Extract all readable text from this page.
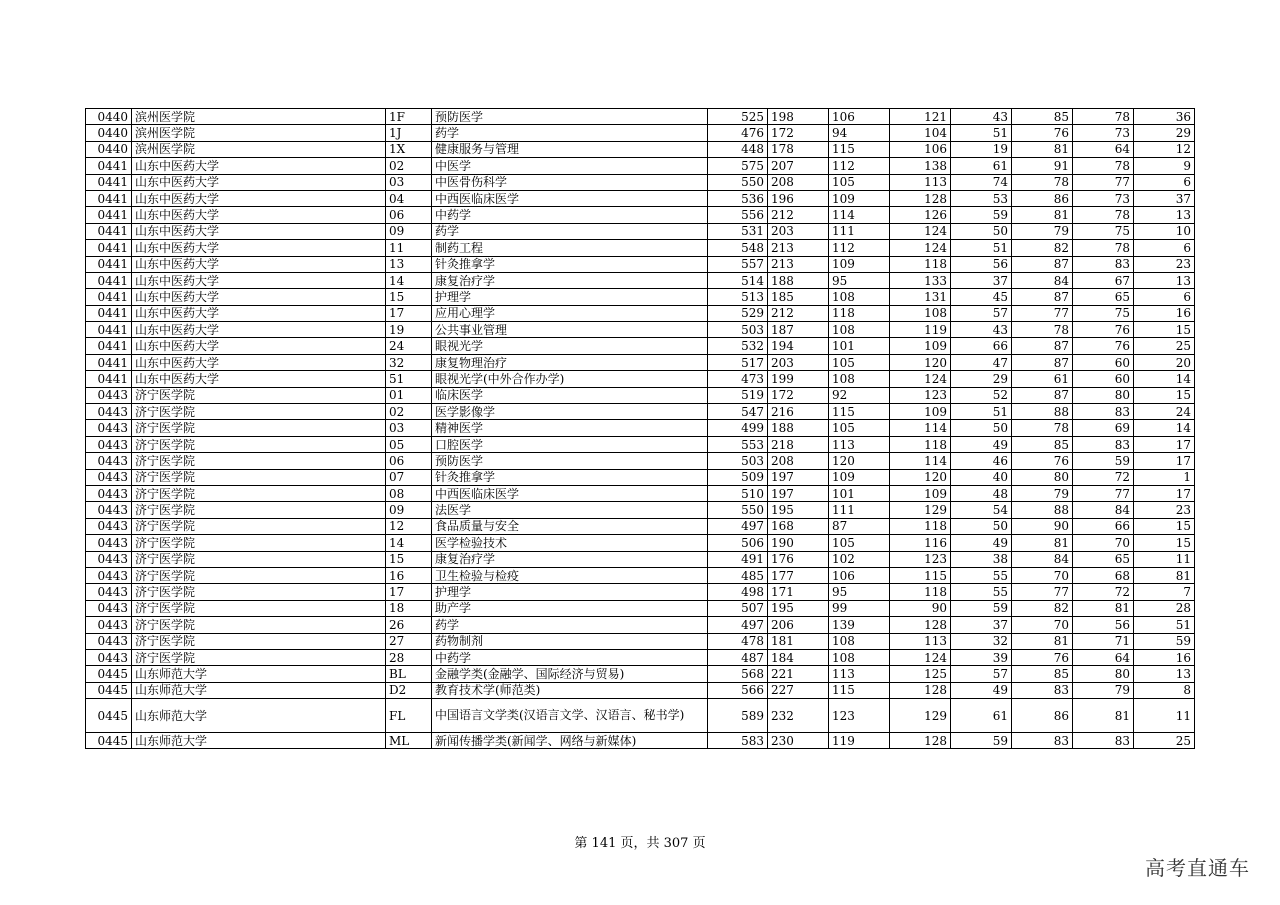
0440	滨州医学院	1F	预防医学	525	198	106	121	43	85	78	36
0440	滨州医学院	1J	药学	476	172	94	104	51	76	73	29
0440	滨州医学院	1X	健康服务与管理	448	178	115	106	19	81	64	12
0441	山东中医药大学	02	中医学	575	207	112	138	61	91	78	9
0441	山东中医药大学	03	中医骨伤科学	550	208	105	113	74	78	77	6
0441	山东中医药大学	04	中西医临床医学	536	196	109	128	53	86	73	37
0441	山东中医药大学	06	中药学	556	212	114	126	59	81	78	13
0441	山东中医药大学	09	药学	531	203	111	124	50	79	75	10
0441	山东中医药大学	11	制药工程	548	213	112	124	51	82	78	6
0441	山东中医药大学	13	针灸推拿学	557	213	109	118	56	87	83	23
0441	山东中医药大学	14	康复治疗学	514	188	95	133	37	84	67	13
0441	山东中医药大学	15	护理学	513	185	108	131	45	87	65	6
0441	山东中医药大学	17	应用心理学	529	212	118	108	57	77	75	16
0441	山东中医药大学	19	公共事业管理	503	187	108	119	43	78	76	15
0441	山东中医药大学	24	眼视光学	532	194	101	109	66	87	76	25
0441	山东中医药大学	32	康复物理治疗	517	203	105	120	47	87	60	20
0441	山东中医药大学	51	眼视光学(中外合作办学)	473	199	108	124	29	61	60	14
0443	济宁医学院	01	临床医学	519	172	92	123	52	87	80	15
0443	济宁医学院	02	医学影像学	547	216	115	109	51	88	83	24
0443	济宁医学院	03	精神医学	499	188	105	114	50	78	69	14
0443	济宁医学院	05	口腔医学	553	218	113	118	49	85	83	17
0443	济宁医学院	06	预防医学	503	208	120	114	46	76	59	17
0443	济宁医学院	07	针灸推拿学	509	197	109	120	40	80	72	1
0443	济宁医学院	08	中西医临床医学	510	197	101	109	48	79	77	17
0443	济宁医学院	09	法医学	550	195	111	129	54	88	84	23
0443	济宁医学院	12	食品质量与安全	497	168	87	118	50	90	66	15
0443	济宁医学院	14	医学检验技术	506	190	105	116	49	81	70	15
0443	济宁医学院	15	康复治疗学	491	176	102	123	38	84	65	11
0443	济宁医学院	16	卫生检验与检疫	485	177	106	115	55	70	68	81
0443	济宁医学院	17	护理学	498	171	95	118	55	77	72	7
0443	济宁医学院	18	助产学	507	195	99	90	59	82	81	28
0443	济宁医学院	26	药学	497	206	139	128	37	70	56	51
0443	济宁医学院	27	药物制剂	478	181	108	113	32	81	71	59
0443	济宁医学院	28	中药学	487	184	108	124	39	76	64	16
0445	山东师范大学	BL	金融学类(金融学、国际经济与贸易)	568	221	113	125	57	85	80	13
0445	山东师范大学	D2	教育技术学(师范类)	566	227	115	128	49	83	79	8
0445	山东师范大学	FL	中国语言文学类(汉语言文学、汉语言、秘书学)	589	232	123	129	61	86	81	11
0445	山东师范大学	ML	新闻传播学类(新闻学、网络与新媒体)	583	230	119	128	59	83	83	25
第 141 页，共 307 页
高考直通车
